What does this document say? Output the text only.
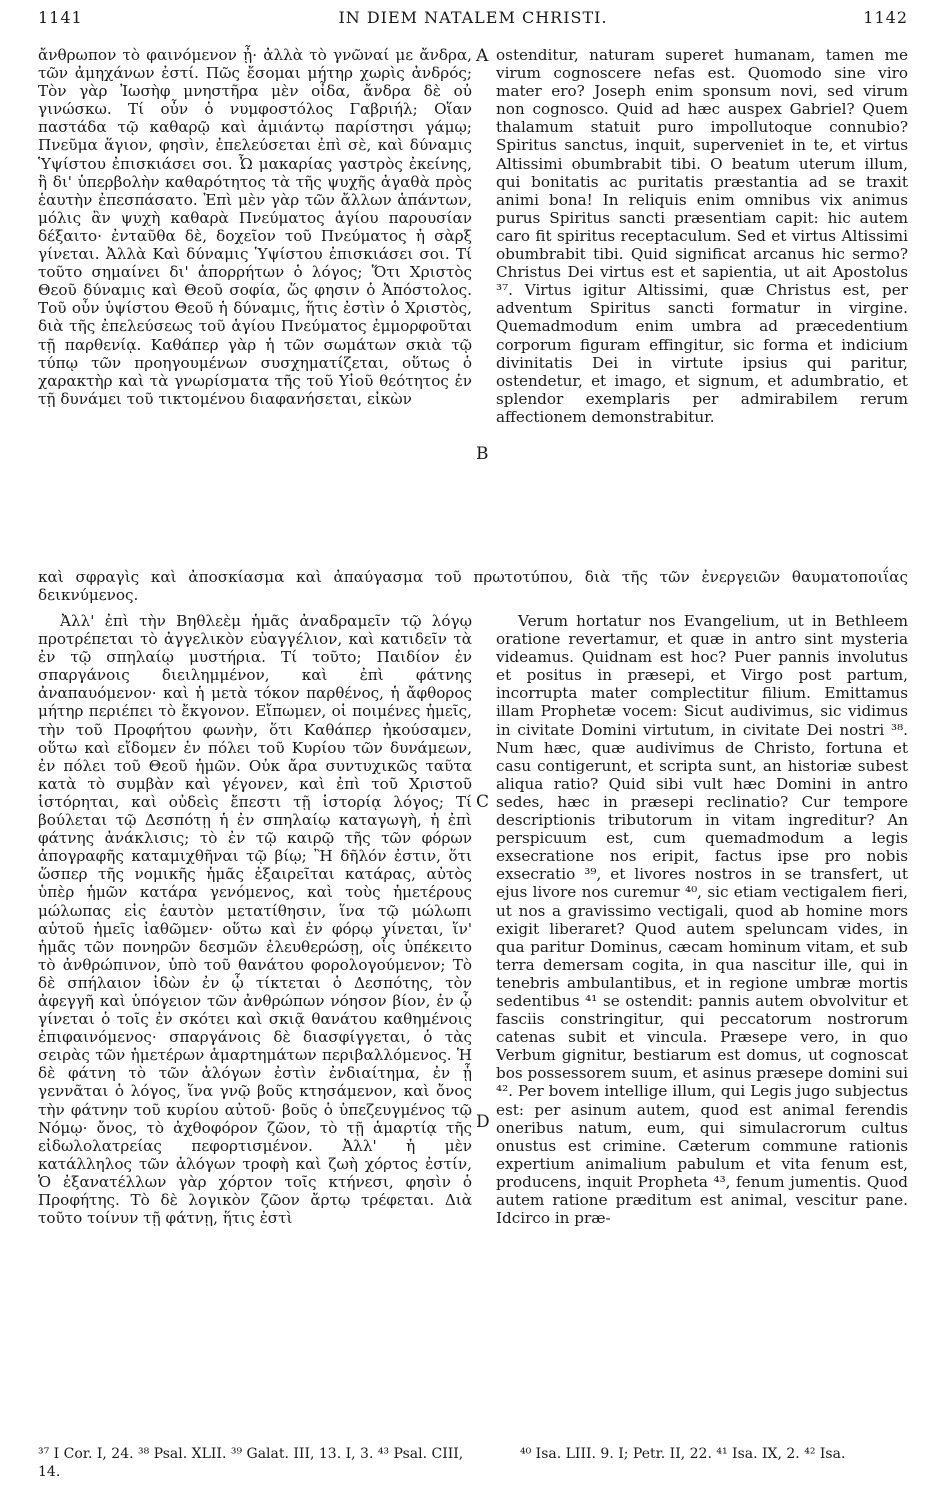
1141	IN DIEM NATALEM CHRISTI.	1142

ἄνθρωπον τὸ φαινόμενον ᾖ· ἀλλὰ τὸ γνῶναί με ἄνδρα, τῶν ἀμηχάνων ἐστί. Πῶς ἔσομαι μήτηρ χωρὶς ἀνδρός; Τὸν γὰρ Ἰωσὴφ μνηστῆρα μὲν οἶδα, ἄνδρα δὲ οὐ γινώσκω. Τί οὖν ὁ νυμφοστόλος Γαβριήλ; Οἵαν παστάδα τῷ καθαρῷ καὶ ἀμιάντῳ παρίστησι γάμῳ; Πνεῦμα ἅγιον, φησὶν, ἐπελεύσεται ἐπὶ σὲ, καὶ δύναμις Ὑψίστου ἐπισκιάσει σοι. Ὦ μακαρίας γαστρὸς ἐκείνης, ἣ δι' ὑπερβολὴν καθαρότητος τὰ τῆς ψυχῆς ἀγαθὰ πρὸς ἑαυτὴν ἐπεσπάσατο. Ἐπὶ μὲν γὰρ τῶν ἄλλων ἁπάντων, μόλις ἂν ψυχὴ καθαρὰ Πνεύματος ἁγίου παρουσίαν δέξαιτο· ἐνταῦθα δὲ, δοχεῖον τοῦ Πνεύματος ἡ σὰρξ γίνεται. Ἀλλὰ Καὶ δύναμις Ὑψίστου ἐπισκιάσει σοι. Τί τοῦτο σημαίνει δι' ἀπορρήτων ὁ λόγος; Ὅτι Χριστὸς Θεοῦ δύναμις καὶ Θεοῦ σοφία, ὥς φησιν ὁ Ἀπόστολος. Τοῦ οὖν ὑψίστου Θεοῦ ἡ δύναμις, ἥτις ἐστὶν ὁ Χριστὸς, διὰ τῆς ἐπελεύσεως τοῦ ἁγίου Πνεύματος ἐμμορφοῦται τῇ παρθενίᾳ. Καθάπερ γὰρ ἡ τῶν σωμάτων σκιὰ τῷ τύπῳ τῶν προηγουμένων συσχηματίζεται, οὕτως ὁ χαρακτὴρ καὶ τὰ γνωρίσματα τῆς τοῦ Υἱοῦ θεότητος ἐν τῇ δυνάμει τοῦ τικτομένου διαφανήσεται, εἰκὼν

ostenditur, naturam superet humanam, tamen me virum cognoscere nefas est. Quomodo sine viro mater ero? Joseph enim sponsum novi, sed virum non cognosco. Quid ad hæc auspex Gabriel? Quem thalamum statuit puro impollutoque connubio? Spiritus sanctus, inquit, superveniet in te, et virtus Altissimi obumbrabit tibi. O beatum uterum illum, qui bonitatis ac puritatis præstantia ad se traxit animi bona! In reliquis enim omnibus vix animus purus Spiritus sancti præsentiam capit: hic autem caro fit spiritus receptaculum. Sed et virtus Altissimi obumbrabit tibi. Quid significat arcanus hic sermo? Christus Dei virtus est et sapientia, ut ait Apostolus ³⁷. Virtus igitur Altissimi, quæ Christus est, per adventum Spiritus sancti formatur in virgine. Quemadmodum enim umbra ad præcedentium corporum figuram effingitur, sic forma et indicium divinitatis Dei in virtute ipsius qui paritur, ostendetur, et imago, et signum, et adumbratio, et splendor exemplaris per admirabilem rerum affectionem demonstrabitur.

A
B
C
D
καὶ σφραγὶς καὶ ἀποσκίασμα καὶ ἀπαύγασμα τοῦ πρωτοτύπου, διὰ τῆς τῶν ἐνεργειῶν θαυματοποιΐας δεικνύμενος.

Ἀλλ' ἐπὶ τὴν Βηθλεὲμ ἡμᾶς ἀναδραμεῖν τῷ λόγῳ προτρέπεται τὸ ἀγγελικὸν εὐαγγέλιον, καὶ κατιδεῖν τὰ ἐν τῷ σπηλαίῳ μυστήρια. Τί τοῦτο; Παιδίον ἐν σπαργάνοις διειλημμένον, καὶ ἐπὶ φάτνης ἀναπαυόμενον· καὶ ἡ μετὰ τόκον παρθένος, ἡ ἄφθορος μήτηρ περιέπει τὸ ἔκγονον. Εἴπωμεν, οἱ ποιμένες ἡμεῖς, τὴν τοῦ Προφήτου φωνὴν, ὅτι Καθάπερ ἠκούσαμεν, οὕτω καὶ εἴδομεν ἐν πόλει τοῦ Κυρίου τῶν δυνάμεων, ἐν πόλει τοῦ Θεοῦ ἡμῶν. Οὐκ ἄρα συντυχικῶς ταῦτα κατὰ τὸ συμβὰν καὶ γέγονεν, καὶ ἐπὶ τοῦ Χριστοῦ ἱστόρηται, καὶ οὐδεὶς ἔπεστι τῇ ἱστορίᾳ λόγος; Τί βούλεται τῷ Δεσπότῃ ἡ ἐν σπηλαίῳ καταγωγὴ, ἡ ἐπὶ φάτνης ἀνάκλισις; τὸ ἐν τῷ καιρῷ τῆς τῶν φόρων ἀπογραφῆς καταμιχθῆναι τῷ βίῳ; Ἢ δῆλόν ἐστιν, ὅτι ὥσπερ τῆς νομικῆς ἡμᾶς ἐξαιρεῖται κατάρας, αὐτὸς ὑπὲρ ἡμῶν κατάρα γενόμενος, καὶ τοὺς ἡμετέρους μώλωπας εἰς ἑαυτὸν μετατίθησιν, ἵνα τῷ μώλωπι αὐτοῦ ἡμεῖς ἰαθῶμεν· οὕτω καὶ ἐν φόρῳ γίνεται, ἵν' ἡμᾶς τῶν πονηρῶν δεσμῶν ἐλευθερώσῃ, οἷς ὑπέκειτο τὸ ἀνθρώπινον, ὑπὸ τοῦ θανάτου φορολογούμενον; Τὸ δὲ σπήλαιον ἰδὼν ἐν ᾧ τίκτεται ὁ Δεσπότης, τὸν ἀφεγγῆ καὶ ὑπόγειον τῶν ἀνθρώπων νόησον βίον, ἐν ᾧ γίνεται ὁ τοῖς ἐν σκότει καὶ σκιᾷ θανάτου καθημένοις ἐπιφαινόμενος· σπαργάνοις δὲ διασφίγγεται, ὁ τὰς σειρὰς τῶν ἡμετέρων ἁμαρτημάτων περιβαλλόμενος. Ἡ δὲ φάτνη τὸ τῶν ἀλόγων ἐστὶν ἐνδιαίτημα, ἐν ᾗ γεννᾶται ὁ λόγος, ἵνα γνῷ βοῦς κτησάμενον, καὶ ὄνος τὴν φάτνην τοῦ κυρίου αὐτοῦ· βοῦς ὁ ὑπεζευγμένος τῷ Νόμῳ· ὄνος, τὸ ἀχθοφόρον ζῶον, τὸ τῇ ἁμαρτίᾳ τῆς εἰδωλολατρείας πεφορτισμένον. Ἀλλ' ἡ μὲν κατάλληλος τῶν ἀλόγων τροφὴ καὶ ζωὴ χόρτος ἐστίν, Ὁ ἐξανατέλλων γὰρ χόρτον τοῖς κτήνεσι, φησὶν ὁ Προφήτης. Τὸ δὲ λογικὸν ζῶον ἄρτῳ τρέφεται. Διὰ τοῦτο τοίνυν τῇ φάτνῃ, ἥτις ἐστὶ

Verum hortatur nos Evangelium, ut in Bethleem oratione revertamur, et quæ in antro sint mysteria videamus. Quidnam est hoc? Puer pannis involutus et positus in præsepi, et Virgo post partum, incorrupta mater complectitur filium. Emittamus illam Prophetæ vocem: Sicut audivimus, sic vidimus in civitate Domini virtutum, in civitate Dei nostri ³⁸. Num hæc, quæ audivimus de Christo, fortuna et casu contigerunt, et scripta sunt, an historiæ subest aliqua ratio? Quid sibi vult hæc Domini in antro sedes, hæc in præsepi reclinatio? Cur tempore descriptionis tributorum in vitam ingreditur? An perspicuum est, cum quemadmodum a legis exsecratione nos eripit, factus ipse pro nobis exsecratio ³⁹, et livores nostros in se transfert, ut ejus livore nos curemur ⁴⁰, sic etiam vectigalem fieri, ut nos a gravissimo vectigali, quod ab homine mors exigit liberaret? Quod autem speluncam vides, in qua paritur Dominus, cæcam hominum vitam, et sub terra demersam cogita, in qua nascitur ille, qui in tenebris ambulantibus, et in regione umbræ mortis sedentibus ⁴¹ se ostendit: pannis autem obvolvitur et fasciis constringitur, qui peccatorum nostrorum catenas subit et vincula. Præsepe vero, in quo Verbum gignitur, bestiarum est domus, ut cognoscat bos possessorem suum, et asinus præsepe domini sui ⁴². Per bovem intellige illum, qui Legis jugo subjectus est: per asinum autem, quod est animal ferendis oneribus natum, eum, qui simulacrorum cultus onustus est crimine. Cæterum commune rationis expertium animalium pabulum et vita fenum est, producens, inquit Propheta ⁴³, fenum jumentis. Quod autem ratione præditum est animal, vescitur pane. Idcirco in præ-

³⁷ I Cor. I, 24. ³⁸ Psal. XLII. ³⁹ Galat. III, 13. I, 3. ⁴³ Psal. CIII, 14.
⁴⁰ Isa. LIII. 9. I; Petr. II, 22. ⁴¹ Isa. IX, 2. ⁴² Isa.
